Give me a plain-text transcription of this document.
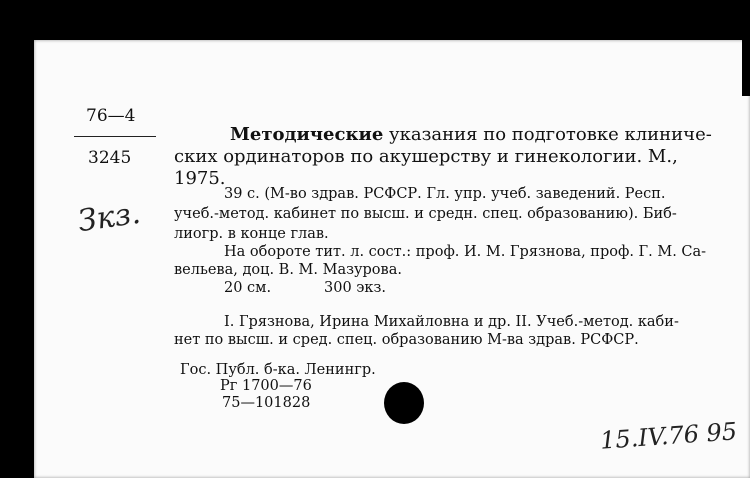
76—4
3245
Зкз.
Методические указания по подготовке клиниче-
ских ординаторов по акушерству и гинекологии. М.,
1975.
39 с. (М-во здрав. РСФСР. Гл. упр. учеб. заведений. Респ.
учеб.-метод. кабинет по высш. и средн. спец. образованию). Биб-
лиогр. в конце глав.
На обороте тит. л. сост.: проф. И. М. Грязнова, проф. Г. М. Са-
вельева, доц. В. М. Мазурова.
20 см.	300 экз.
I. Грязнова, Ирина Михайловна и др. II. Учеб.-метод. каби-
нет по высш. и сред. спец. образованию М-ва здрав. РСФСР.
Гос. Публ. б-ка. Ленингр.
Рг 1700—76
75—101828
15.IV.76 95
